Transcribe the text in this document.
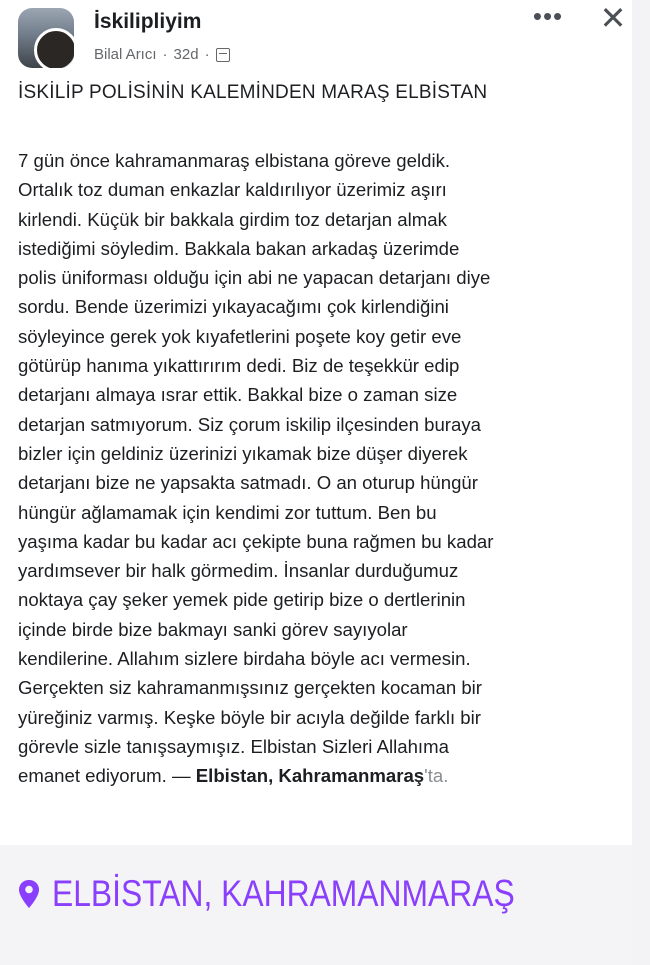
İskilipliyim
Bilal Arıcı · 32d ·
••• ✕
İSKİLİP POLİSİNİN KALEMİNDEN MARAŞ ELBİSTAN
7 gün önce kahramanmaraş elbistana göreve geldik.
Ortalık toz duman enkazlar kaldırılıyor üzerimiz aşırı
kirlendi. Küçük bir bakkala girdim toz detarjan almak
istediğimi söyledim. Bakkala bakan arkadaş üzerimde
polis üniforması olduğu için abi ne yapacan detarjanı diye
sordu. Bende üzerimizi yıkayacağımı çok kirlendiğini
söyleyince gerek yok kıyafetlerini poşete koy getir eve
götürüp hanıma yıkattırırım dedi. Biz de teşekkür edip
detarjanı almaya ısrar ettik. Bakkal bize o zaman size
detarjan satmıyorum. Siz çorum iskilip ilçesinden buraya
bizler için geldiniz üzerinizi yıkamak bize düşer diyerek
detarjanı bize ne yapsakta satmadı. O an oturup hüngür
hüngür ağlamamak için kendimi zor tuttum. Ben bu
yaşıma kadar bu kadar acı çekipte buna rağmen bu kadar
yardımsever bir halk görmedim. İnsanlar durduğumuz
noktaya çay şeker yemek pide getirip bize o dertlerinin
içinde birde bize bakmayı sanki görev sayıyolar
kendilerine. Allahım sizlere birdaha böyle acı vermesin.
Gerçekten siz kahramanmışsınız gerçekten kocaman bir
yüreğiniz varmış. Keşke böyle bir acıyla değilde farklı bir
görevle sizle tanışsaymışız. Elbistan Sizleri Allahıma
emanet ediyorum. — Elbistan, Kahramanmaraş'ta.
ELBİSTAN, KAHRAMANMARAŞ
